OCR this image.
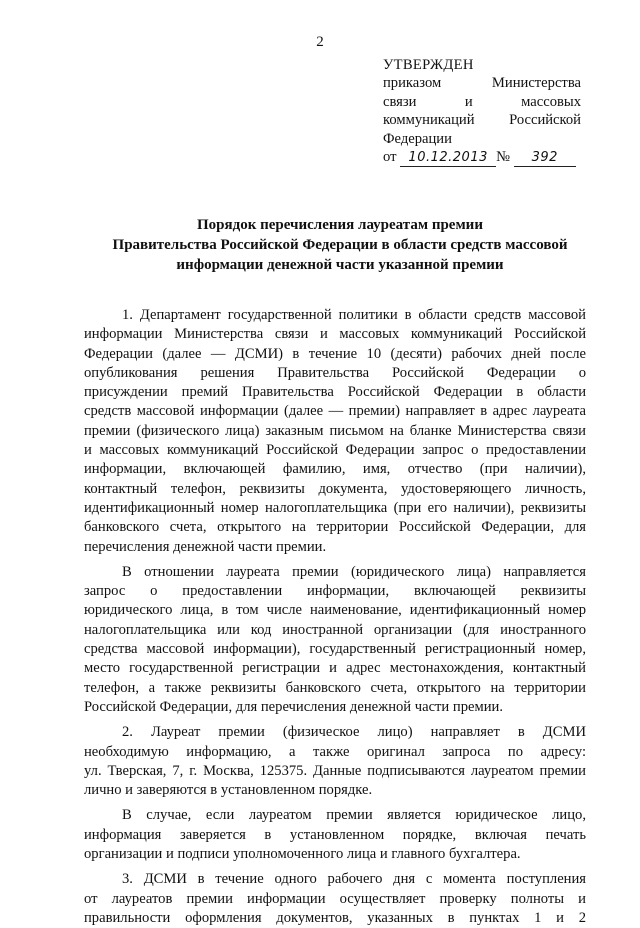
2
УТВЕРЖДЕН
приказом Министерства
связи и массовых
коммуникаций Российской
Федерации
от 10.12.2013 № 392
Порядок перечисления лауреатам премии
Правительства Российской Федерации в области средств массовой
информации денежной части указанной премии

1. Департамент государственной политики в области средств массовой
информации Министерства связи и массовых коммуникаций Российской
Федерации (далее — ДСМИ) в течение 10 (десяти) рабочих дней после
опубликования решения Правительства Российской Федерации о
присуждении премий Правительства Российской Федерации в области
средств массовой информации (далее — премии) направляет в адрес лауреата
премии (физического лица) заказным письмом на бланке Министерства связи
и массовых коммуникаций Российской Федерации запрос о предоставлении
информации, включающей фамилию, имя, отчество (при наличии),
контактный телефон, реквизиты документа, удостоверяющего личность,
идентификационный номер налогоплательщика (при его наличии), реквизиты
банковского счета, открытого на территории Российской Федерации, для
перечисления денежной части премии.

В отношении лауреата премии (юридического лица) направляется
запрос о предоставлении информации, включающей реквизиты
юридического лица, в том числе наименование, идентификационный номер
налогоплательщика или код иностранной организации (для иностранного
средства массовой информации), государственный регистрационный номер,
место государственной регистрации и адрес местонахождения, контактный
телефон, а также реквизиты банковского счета, открытого на территории
Российской Федерации, для перечисления денежной части премии.

2. Лауреат премии (физическое лицо) направляет в ДСМИ
необходимую информацию, а также оригинал запроса по адресу:
ул. Тверская, 7, г. Москва, 125375. Данные подписываются лауреатом премии
лично и заверяются в установленном порядке.

В случае, если лауреатом премии является юридическое лицо,
информация заверяется в установленном порядке, включая печать
организации и подписи уполномоченного лица и главного бухгалтера.

3. ДСМИ в течение одного рабочего дня с момента поступления
от лауреатов премии информации осуществляет проверку полноты и
правильности оформления документов, указанных в пунктах 1 и 2
